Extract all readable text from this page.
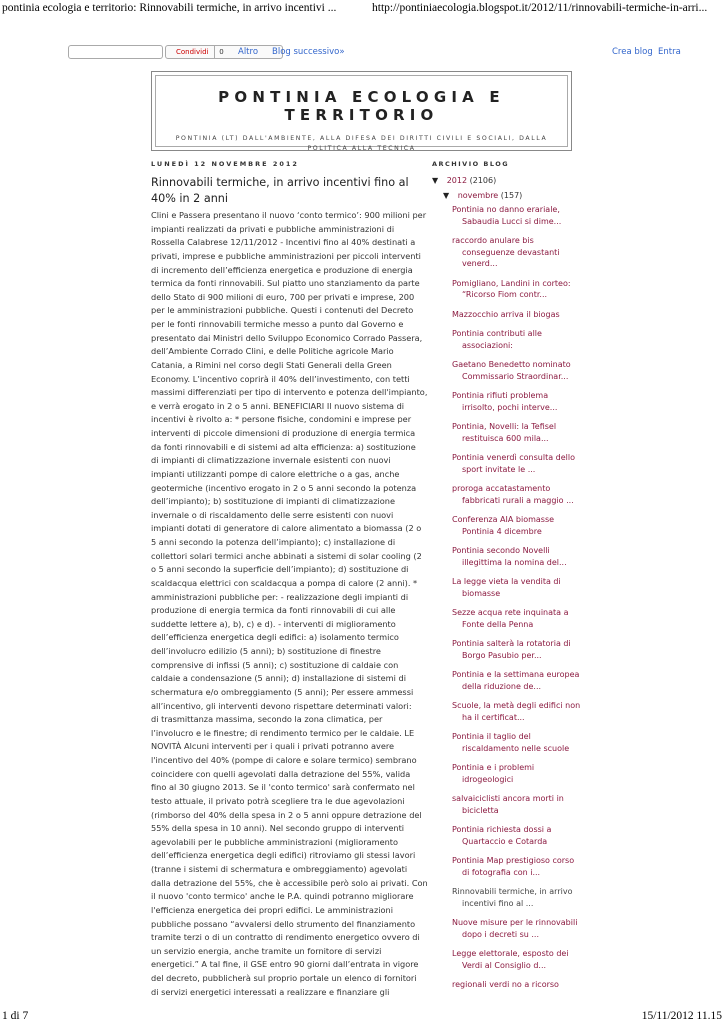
pontinia ecologia e territorio: Rinnovabili termiche, in arrivo incentivi ...	http://pontiniaecologia.blogspot.it/2012/11/rinnovabili-termiche-in-arri...
Condividi	0	Altro Blog successivo»	Crea blog Entra
PONTINIA ECOLOGIA E TERRITORIO
PONTINIA (LT) DALL'AMBIENTE, ALLA DIFESA DEI DIRITTI CIVILI E SOCIALI, DALLA POLITICA ALLA TECNICA
LUNEDÌ 12 NOVEMBRE 2012
Rinnovabili termiche, in arrivo incentivi fino al 40% in 2 anni
Clini e Passera presentano il nuovo ‘conto termico’: 900 milioni per
impianti realizzati da privati e pubbliche amministrazioni di
Rossella Calabrese 12/11/2012 - Incentivi fino al 40% destinati a
privati, imprese e pubbliche amministrazioni per piccoli interventi
di incremento dell’efficienza energetica e produzione di energia
termica da fonti rinnovabili. Sul piatto uno stanziamento da parte
dello Stato di 900 milioni di euro, 700 per privati e imprese, 200
per le amministrazioni pubbliche. Questi i contenuti del Decreto
per le fonti rinnovabili termiche messo a punto dal Governo e
presentato dai Ministri dello Sviluppo Economico Corrado Passera,
dell’Ambiente Corrado Clini, e delle Politiche agricole Mario
Catania, a Rimini nel corso degli Stati Generali della Green
Economy. L’incentivo coprirà il 40% dell’investimento, con tetti
massimi differenziati per tipo di intervento e potenza dell'impianto,
e verrà erogato in 2 o 5 anni. BENEFICIARI Il nuovo sistema di
incentivi è rivolto a: * persone fisiche, condomini e imprese per
interventi di piccole dimensioni di produzione di energia termica
da fonti rinnovabili e di sistemi ad alta efficienza: a) sostituzione
di impianti di climatizzazione invernale esistenti con nuovi
impianti utilizzanti pompe di calore elettriche o a gas, anche
geotermiche (incentivo erogato in 2 o 5 anni secondo la potenza
dell’impianto); b) sostituzione di impianti di climatizzazione
invernale o di riscaldamento delle serre esistenti con nuovi
impianti dotati di generatore di calore alimentato a biomassa (2 o
5 anni secondo la potenza dell’impianto); c) installazione di
collettori solari termici anche abbinati a sistemi di solar cooling (2
o 5 anni secondo la superficie dell’impianto); d) sostituzione di
scaldacqua elettrici con scaldacqua a pompa di calore (2 anni). *
amministrazioni pubbliche per: - realizzazione degli impianti di
produzione di energia termica da fonti rinnovabili di cui alle
suddette lettere a), b), c) e d). - interventi di miglioramento
dell’efficienza energetica degli edifici: a) isolamento termico
dell’involucro edilizio (5 anni); b) sostituzione di finestre
comprensive di infissi (5 anni); c) sostituzione di caldaie con
caldaie a condensazione (5 anni); d) installazione di sistemi di
schermatura e/o ombreggiamento (5 anni); Per essere ammessi
all’incentivo, gli interventi devono rispettare determinati valori:
di trasmittanza massima, secondo la zona climatica, per
l’involucro e le finestre; di rendimento termico per le caldaie. LE
NOVITÀ Alcuni interventi per i quali i privati potranno avere
l'incentivo del 40% (pompe di calore e solare termico) sembrano
coincidere con quelli agevolati dalla detrazione del 55%, valida
fino al 30 giugno 2013. Se il 'conto termico' sarà confermato nel
testo attuale, il privato potrà scegliere tra le due agevolazioni
(rimborso del 40% della spesa in 2 o 5 anni oppure detrazione del
55% della spesa in 10 anni). Nel secondo gruppo di interventi
agevolabili per le pubbliche amministrazioni (miglioramento
dell’efficienza energetica degli edifici) ritroviamo gli stessi lavori
(tranne i sistemi di schermatura e ombreggiamento) agevolati
dalla detrazione del 55%, che è accessibile però solo ai privati. Con
il nuovo 'conto termico' anche le P.A. quindi potranno migliorare
l'efficienza energetica dei propri edifici. Le amministrazioni
pubbliche possano “avvalersi dello strumento del finanziamento
tramite terzi o di un contratto di rendimento energetico ovvero di
un servizio energia, anche tramite un fornitore di servizi
energetici.” A tal fine, il GSE entro 90 giorni dall’entrata in vigore
del decreto, pubblicherà sul proprio portale un elenco di fornitori
di servizi energetici interessati a realizzare e finanziare gli
ARCHIVIO BLOG
▼ 2012 (2106)
▼ novembre (157)
Pontinia no danno erariale, Sabaudia Lucci si dime...
raccordo anulare bis conseguenze devastanti venerd...
Pomigliano, Landini in corteo: “Ricorso Fiom contr...
Mazzocchio arriva il biogas
Pontinia contributi alle associazioni:
Gaetano Benedetto nominato Commissario Straordinar...
Pontinia rifiuti problema irrisolto, pochi interve...
Pontinia, Novelli: la Tefisel restituisca 600 mila...
Pontinia venerdì consulta dello sport invitate le ...
proroga accatastamento fabbricati rurali a maggio ...
Conferenza AIA biomasse Pontinia 4 dicembre
Pontinia secondo Novelli illegittima la nomina del...
La legge vieta la vendita di biomasse
Sezze acqua rete inquinata a Fonte della Penna
Pontinia salterà la rotatoria di Borgo Pasubio per...
Pontinia e la settimana europea della riduzione de...
Scuole, la metà degli edifici non ha il certificat...
Pontinia il taglio del riscaldamento nelle scuole
Pontinia e i problemi idrogeologici
salvaiciclisti ancora morti in bicicletta
Pontinia richiesta dossi a Quartaccio e Cotarda
Pontinia Map prestigioso corso di fotografia con i...
Rinnovabili termiche, in arrivo incentivi fino al ...
Nuove misure per le rinnovabili dopo i decreti su ...
Legge elettorale, esposto dei Verdi al Consiglio d...
regionali verdi no a ricorso
1 di 7	15/11/2012 11.15
